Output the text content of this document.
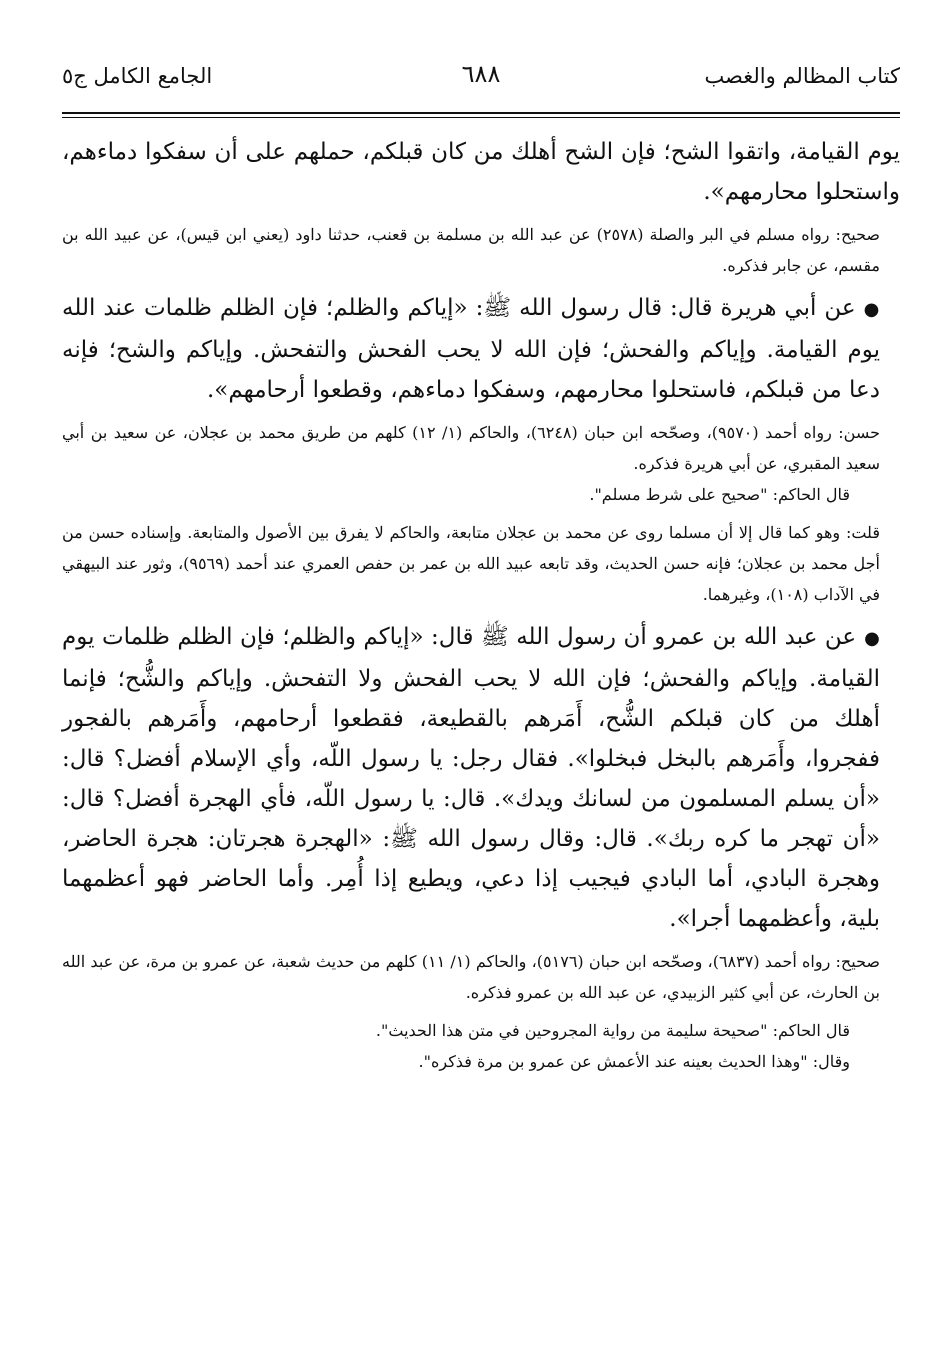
كتاب المظالم والغصب
٦٨٨
الجامع الكامل ج٥

يوم القيامة، واتقوا الشح؛ فإن الشح أهلك من كان قبلكم، حملهم على أن سفكوا دماءهم، واستحلوا محارمهم».

صحيح: رواه مسلم في البر والصلة (٢٥٧٨) عن عبد الله بن مسلمة بن قعنب، حدثنا داود (يعني ابن قيس)، عن عبيد الله بن مقسم، عن جابر فذكره.

●عن أبي هريرة قال: قال رسول الله ﷺ: «إياكم والظلم؛ فإن الظلم ظلمات عند الله يوم القيامة. وإياكم والفحش؛ فإن الله لا يحب الفحش والتفحش. وإياكم والشح؛ فإنه دعا من قبلكم، فاستحلوا محارمهم، وسفكوا دماءهم، وقطعوا أرحامهم».

حسن: رواه أحمد (٩٥٧٠)، وصحّحه ابن حبان (٦٢٤٨)، والحاكم (١/ ١٢) كلهم من طريق محمد بن عجلان، عن سعيد بن أبي سعيد المقبري، عن أبي هريرة فذكره.

قال الحاكم: "صحيح على شرط مسلم".

قلت: وهو كما قال إلا أن مسلما روى عن محمد بن عجلان متابعة، والحاكم لا يفرق بين الأصول والمتابعة. وإسناده حسن من أجل محمد بن عجلان؛ فإنه حسن الحديث، وقد تابعه عبيد الله بن عمر بن حفص العمري عند أحمد (٩٥٦٩)، وثور عند البيهقي في الآداب (١٠٨)، وغيرهما.

●عن عبد الله بن عمرو أن رسول الله ﷺ قال: «إياكم والظلم؛ فإن الظلم ظلمات يوم القيامة. وإياكم والفحش؛ فإن الله لا يحب الفحش ولا التفحش. وإياكم والشُّح؛ فإنما أهلك من كان قبلكم الشُّح، أَمَرهم بالقطيعة، فقطعوا أرحامهم، وأَمَرهم بالفجور ففجروا، وأَمَرهم بالبخل فبخلوا». فقال رجل: يا رسول اللّه، وأي الإسلام أفضل؟ قال: «أن يسلم المسلمون من لسانك ويدك». قال: يا رسول اللّه، فأي الهجرة أفضل؟ قال: «أن تهجر ما كره ربك». قال: وقال رسول الله ﷺ: «الهجرة هجرتان: هجرة الحاضر، وهجرة البادي، أما البادي فيجيب إذا دعي، ويطيع إذا أُمِر. وأما الحاضر فهو أعظمهما بلية، وأعظمهما أجرا».

صحيح: رواه أحمد (٦٨٣٧)، وصحّحه ابن حبان (٥١٧٦)، والحاكم (١/ ١١) كلهم من حديث شعبة، عن عمرو بن مرة، عن عبد الله بن الحارث، عن أبي كثير الزبيدي، عن عبد الله بن عمرو فذكره.

قال الحاكم: "صحيحة سليمة من رواية المجروحين في متن هذا الحديث".

وقال: "وهذا الحديث بعينه عند الأعمش عن عمرو بن مرة فذكره".
